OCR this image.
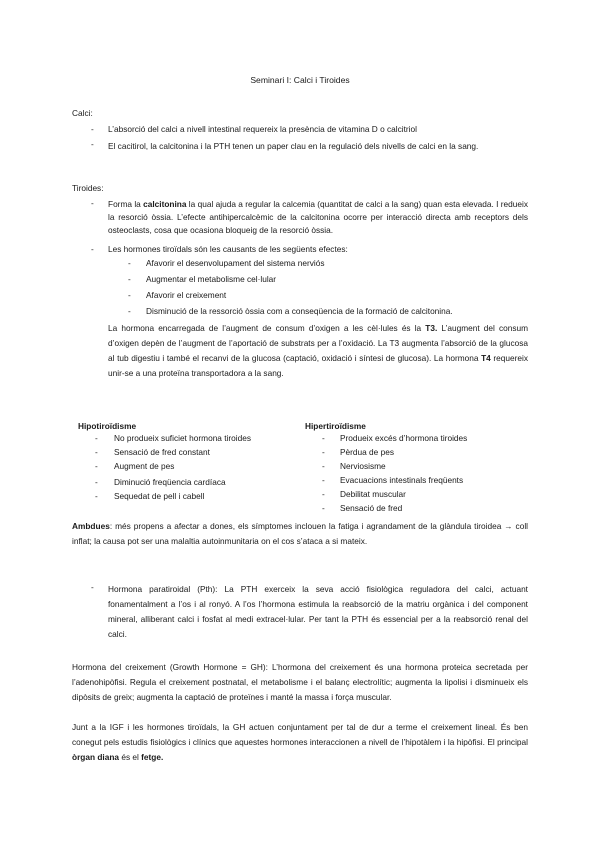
Seminari I: Calci i Tiroides
Calci:
- L’absorció del calci a nivell intestinal requereix la presència de vitamina D o calcitriol
- El cacitirol, la calcitonina i la PTH tenen un paper clau en la regulació dels nivells de calci en la sang.
Tiroides:
- Forma la calcitonina la qual ajuda a regular la calcemia (quantitat de calci a la sang) quan esta elevada. I redueix la resorció òssia. L’efecte antihipercalcèmic de la calcitonina ocorre per interacció directa amb receptors dels osteoclasts, cosa que ocasiona bloqueig de la resorció òssia.
- Les hormones tiroïdals són les causants de les següents efectes:
- Afavorir el desenvolupament del sistema nerviós
- Augmentar el metabolisme cel·lular
- Afavorir el creixement
- Disminució de la ressorció òssia com a conseqüencia de la formació de calcitonina.
La hormona encarregada de l’augment de consum d’oxigen a les cèl·lules és la T3. L’augment del consum d’oxigen depèn de l’augment de l’aportació de substrats per a l’oxidació. La T3 augmenta l’absorció de la glucosa al tub digestiu i també el recanvi de la glucosa (captació, oxidació i síntesi de glucosa). La hormona T4 requereix unir-se a una proteïna transportadora a la sang.
Hipotiroïdisme
- No produeix suficiet hormona tiroides
- Sensació de fred constant
- Augment de pes
- Diminució freqüencia cardíaca
- Sequedat de pell i cabell
Hipertiroïdisme
- Produeix excés d’hormona tiroides
- Pèrdua de pes
- Nerviosisme
- Evacuacions intestinals freqüents
- Debilitat muscular
- Sensació de fred
Ambdues: més propens a afectar a dones, els símptomes inclouen la fatiga i agrandament de la glàndula tiroidea → coll inflat; la causa pot ser una malaltia autoinmunitaria on el cos s’ataca a si mateix.
- Hormona paratiroidal (Pth): La PTH exerceix la seva acció fisiològica reguladora del calci, actuant fonamentalment a l’os i al ronyó. A l’os l’hormona estimula la reabsorció de la matriu orgànica i del component mineral, alliberant calci i fosfat al medi extracel·lular. Per tant la PTH és essencial per a la reabsorció renal del calci.
Hormona del creixement (Growth Hormone = GH): L’hormona del creixement és una hormona proteica secretada per l’adenohipòfisi. Regula el creixement postnatal, el metabolisme i el balanç electrolític; augmenta la lipolisi i disminueix els dipòsits de greix; augmenta la captació de proteïnes i manté la massa i força muscular.
Junt a la IGF i les hormones tiroïdals, la GH actuen conjuntament per tal de dur a terme el creixement lineal. És ben conegut pels estudis fisiològics i clínics que aquestes hormones interaccionen a nivell de l’hipotàlem i la hipòfisi. El principal òrgan diana és el fetge.
